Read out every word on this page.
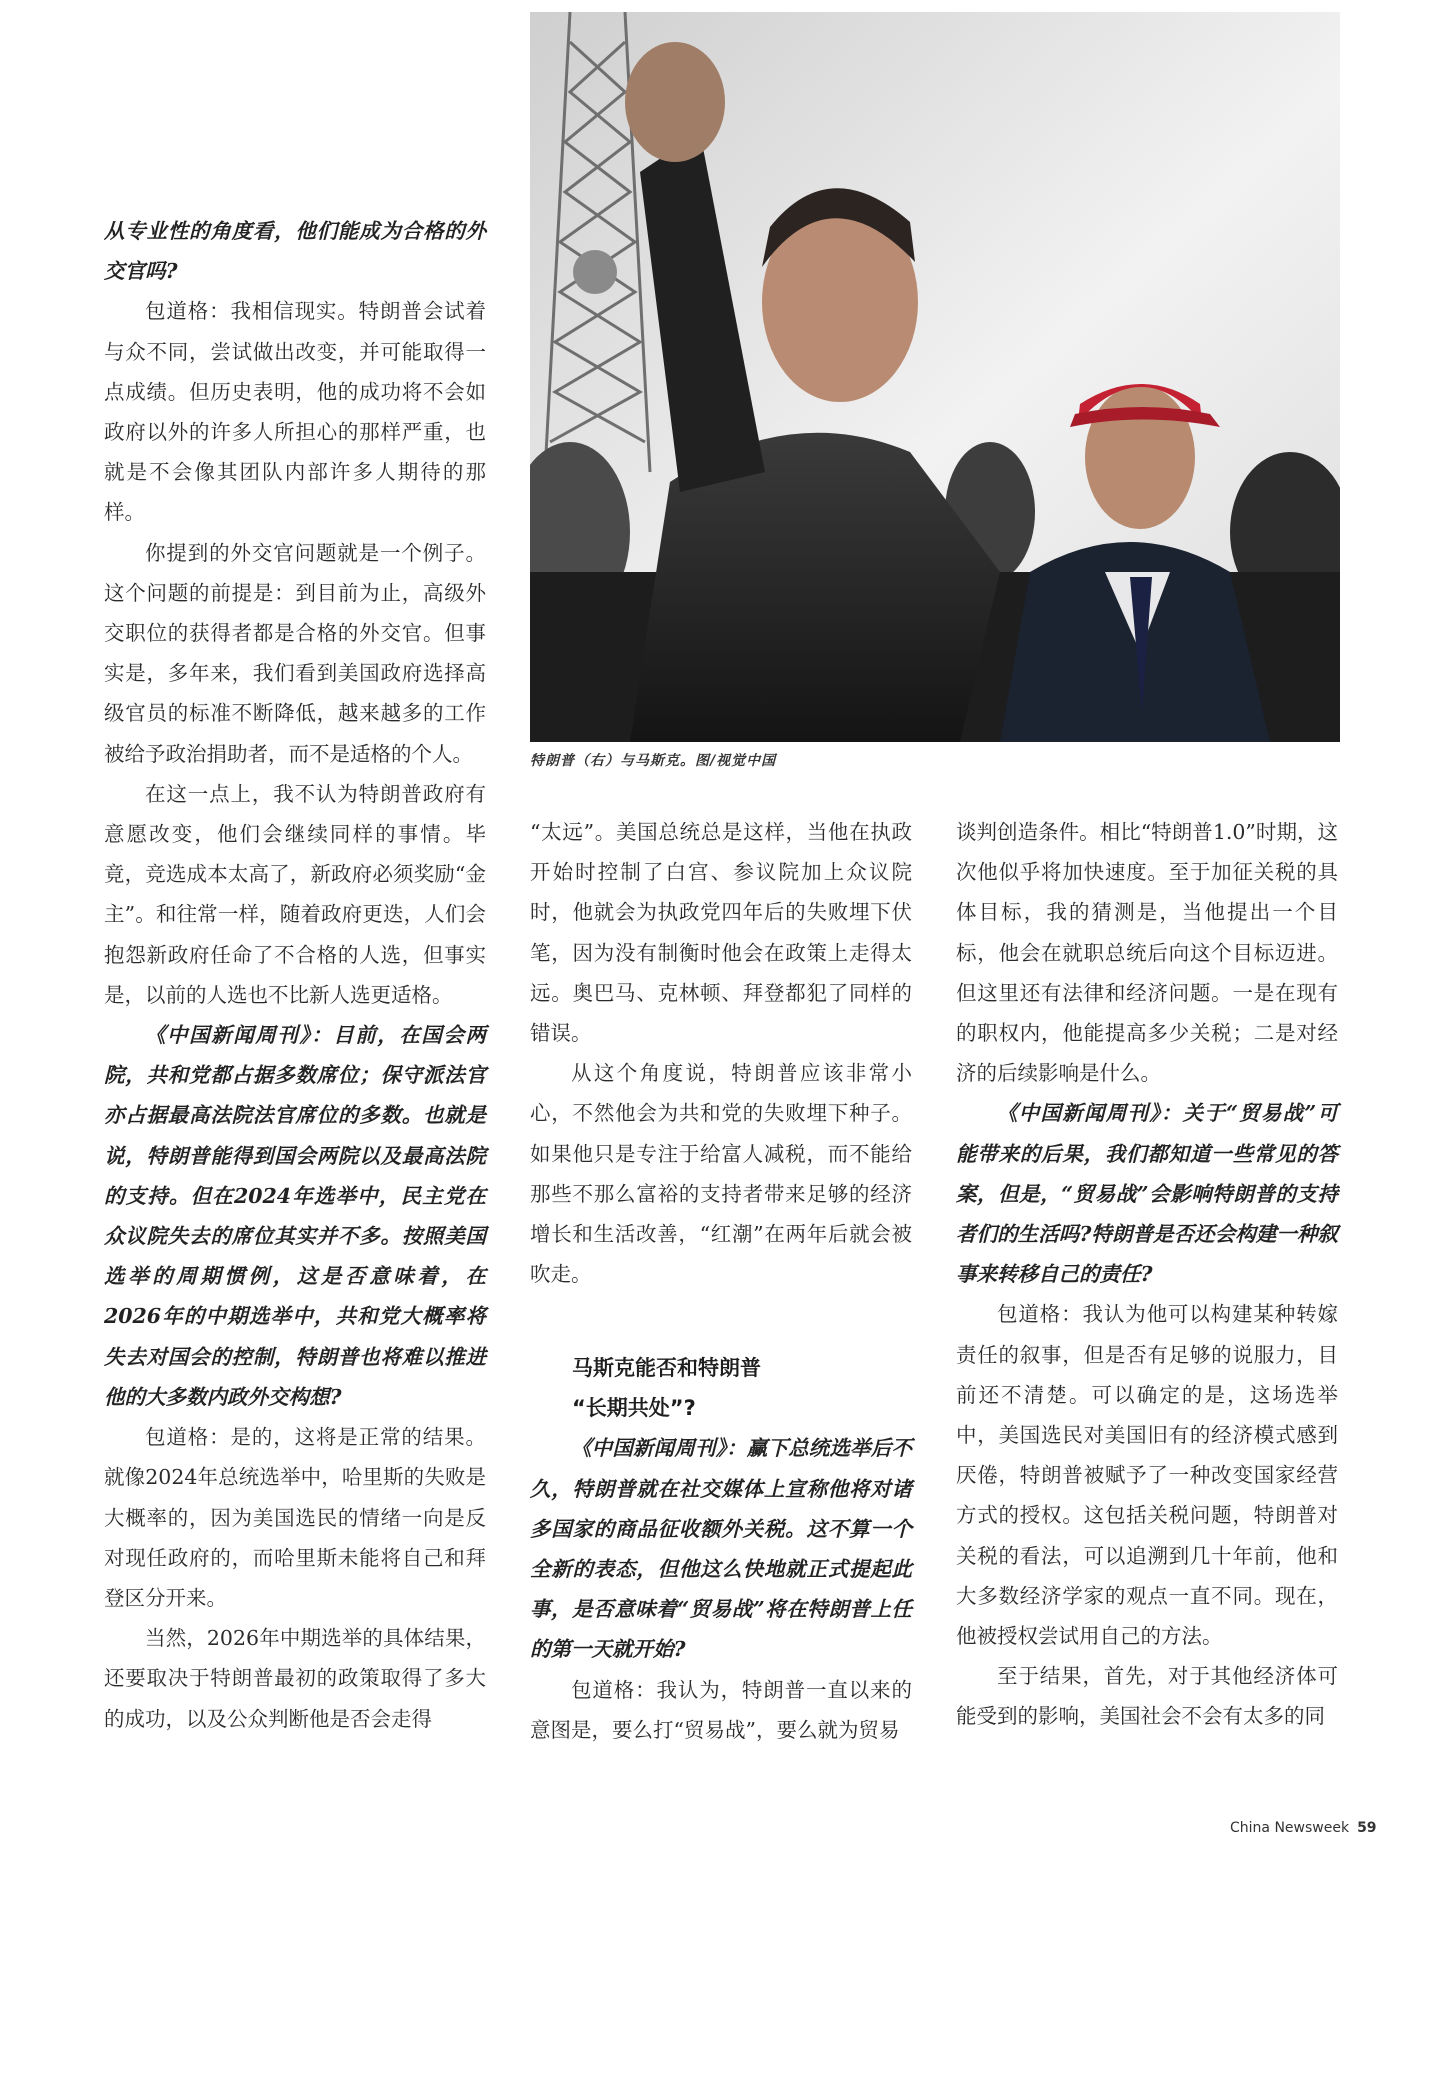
特朗普（右）与马斯克。图/视觉中国

从专业性的角度看，他们能成为合格的外交官吗?

包道格：我相信现实。特朗普会试着与众不同，尝试做出改变，并可能取得一点成绩。但历史表明，他的成功将不会如政府以外的许多人所担心的那样严重，也就是不会像其团队内部许多人期待的那样。

你提到的外交官问题就是一个例子。这个问题的前提是：到目前为止，高级外交职位的获得者都是合格的外交官。但事实是，多年来，我们看到美国政府选择高级官员的标准不断降低，越来越多的工作被给予政治捐助者，而不是适格的个人。

在这一点上，我不认为特朗普政府有意愿改变，他们会继续同样的事情。毕竟，竞选成本太高了，新政府必须奖励“金主”。和往常一样，随着政府更迭，人们会抱怨新政府任命了不合格的人选，但事实是，以前的人选也不比新人选更适格。

《中国新闻周刊》：目前，在国会两院，共和党都占据多数席位；保守派法官亦占据最高法院法官席位的多数。也就是说，特朗普能得到国会两院以及最高法院的支持。但在2024年选举中，民主党在众议院失去的席位其实并不多。按照美国选举的周期惯例，这是否意味着，在2026年的中期选举中，共和党大概率将失去对国会的控制，特朗普也将难以推进他的大多数内政外交构想?

包道格：是的，这将是正常的结果。就像2024年总统选举中，哈里斯的失败是大概率的，因为美国选民的情绪一向是反对现任政府的，而哈里斯未能将自己和拜登区分开来。

当然，2026年中期选举的具体结果，还要取决于特朗普最初的政策取得了多大的成功，以及公众判断他是否会走得

“太远”。美国总统总是这样，当他在执政开始时控制了白宫、参议院加上众议院时，他就会为执政党四年后的失败埋下伏笔，因为没有制衡时他会在政策上走得太远。奥巴马、克林顿、拜登都犯了同样的错误。

从这个角度说，特朗普应该非常小心，不然他会为共和党的失败埋下种子。如果他只是专注于给富人减税，而不能给那些不那么富裕的支持者带来足够的经济增长和生活改善，“红潮”在两年后就会被吹走。

马斯克能否和特朗普
“长期共处”?

《中国新闻周刊》：赢下总统选举后不久，特朗普就在社交媒体上宣称他将对诸多国家的商品征收额外关税。这不算一个全新的表态，但他这么快地就正式提起此事，是否意味着“贸易战”将在特朗普上任的第一天就开始?

包道格：我认为，特朗普一直以来的意图是，要么打“贸易战”，要么就为贸易

谈判创造条件。相比“特朗普1.0”时期，这次他似乎将加快速度。至于加征关税的具体目标，我的猜测是，当他提出一个目标，他会在就职总统后向这个目标迈进。但这里还有法律和经济问题。一是在现有的职权内，他能提高多少关税；二是对经济的后续影响是什么。

《中国新闻周刊》：关于“贸易战”可能带来的后果，我们都知道一些常见的答案，但是，“贸易战”会影响特朗普的支持者们的生活吗?特朗普是否还会构建一种叙事来转移自己的责任?

包道格：我认为他可以构建某种转嫁责任的叙事，但是否有足够的说服力，目前还不清楚。可以确定的是，这场选举中，美国选民对美国旧有的经济模式感到厌倦，特朗普被赋予了一种改变国家经营方式的授权。这包括关税问题，特朗普对关税的看法，可以追溯到几十年前，他和大多数经济学家的观点一直不同。现在，他被授权尝试用自己的方法。

至于结果，首先，对于其他经济体可能受到的影响，美国社会不会有太多的同

China Newsweek 59
